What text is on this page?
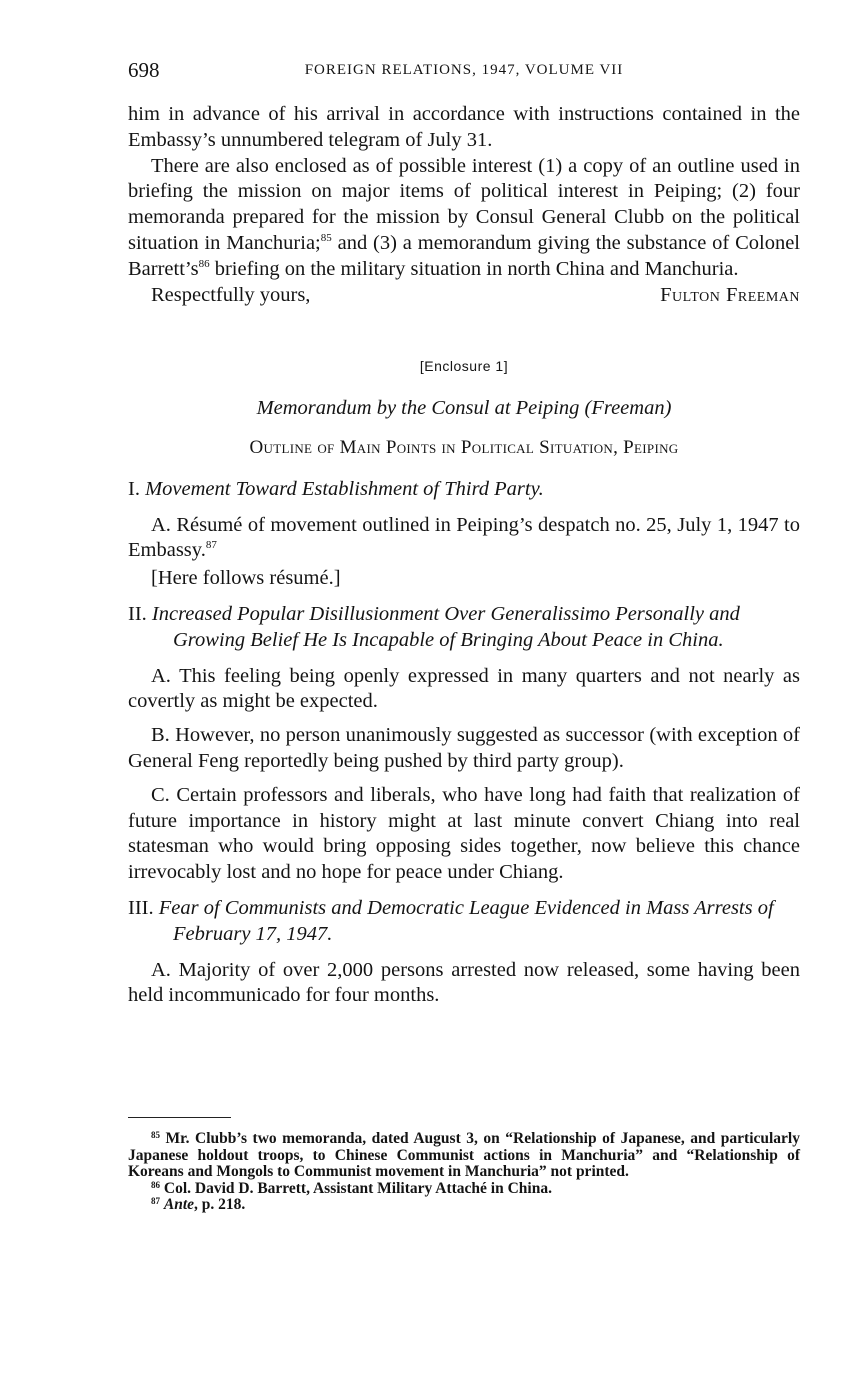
698	FOREIGN RELATIONS, 1947, VOLUME VII

him in advance of his arrival in accordance with instructions contained in the Embassy’s unnumbered telegram of July 31.

There are also enclosed as of possible interest (1) a copy of an outline used in briefing the mission on major items of political interest in Peiping; (2) four memoranda prepared for the mission by Consul General Clubb on the political situation in Manchuria;$^{85}$ and (3) a memorandum giving the substance of Colonel $Barrett’s^{86}$ briefing on the military situation in north China and Manchuria.

Respectfully yours,	Fulton Freeman
[Enclosure 1]
Memorandum by the Consul at Peiping (Freeman)
Outline of Main Points in Political Situation, Peiping

I. Movement Toward Establishment of Third Party.

A. Résumé of movement outlined in Peiping’s despatch no. 25, July 1, 1947 to Embassy.$^{87}$

[Here follows résumé.]

II. Increased Popular Disillusionment Over Generalissimo Personally and Growing Belief He Is Incapable of Bringing About Peace in China.

A. This feeling being openly expressed in many quarters and not nearly as covertly as might be expected.

B. However, no person unanimously suggested as successor (with exception of General Feng reportedly being pushed by third party group).

C. Certain professors and liberals, who have long had faith that realization of future importance in history might at last minute convert Chiang into real statesman who would bring opposing sides together, now believe this chance irrevocably lost and no hope for peace under Chiang.

III. Fear of Communists and Democratic League Evidenced in Mass Arrests of February 17, 1947.

A. Majority of over 2,000 persons arrested now released, some having been held incommunicado for four months.

$^{85}$ Mr. Clubb’s two memoranda, dated August 3, on “Relationship of Japanese, and particularly Japanese holdout troops, to Chinese Communist actions in Manchuria” and “Relationship of Koreans and Mongols to Communist movement in Manchuria” not printed.

$^{86}$ Col. David D. Barrett, Assistant Military Attaché in China.

$^{87}$ Ante, p. 218.
